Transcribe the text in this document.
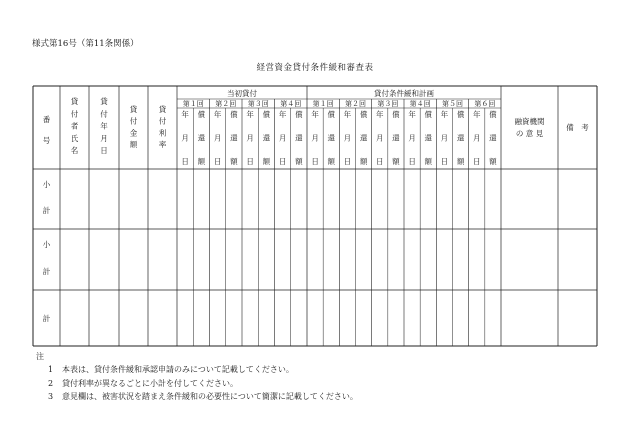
様式第16号（第11条関係）
経営資金貸付条件緩和審査表
番
号
貸
付
者
氏
名
貸
付
年
月
日
貸
付
金
額
貸
付
利
率
当初貸付	貸付条件緩和計画
第１回
年
月
日
償
還
額
第２回
年
月
日
償
還
額
第３回
年
月
日
償
還
額
第４回
年
月
日
償
還
額
第１回
年
月
日
償
還
額
第２回
年
月
日
償
還
額
第３回
年
月
日
償
還
額
第４回
年
月
日
償
還
額
第５回
年
月
日
償
還
額
第６回
年
月
日
償
還
額
融資機関
の 意 見
備　考
小
計
小
計
計
注
1 本表は、貸付条件緩和承認申請のみについて記載してください。
2 貸付利率が異なるごとに小計を付してください。
3 意見欄は、被害状況を踏まえ条件緩和の必要性について簡潔に記載してください。
